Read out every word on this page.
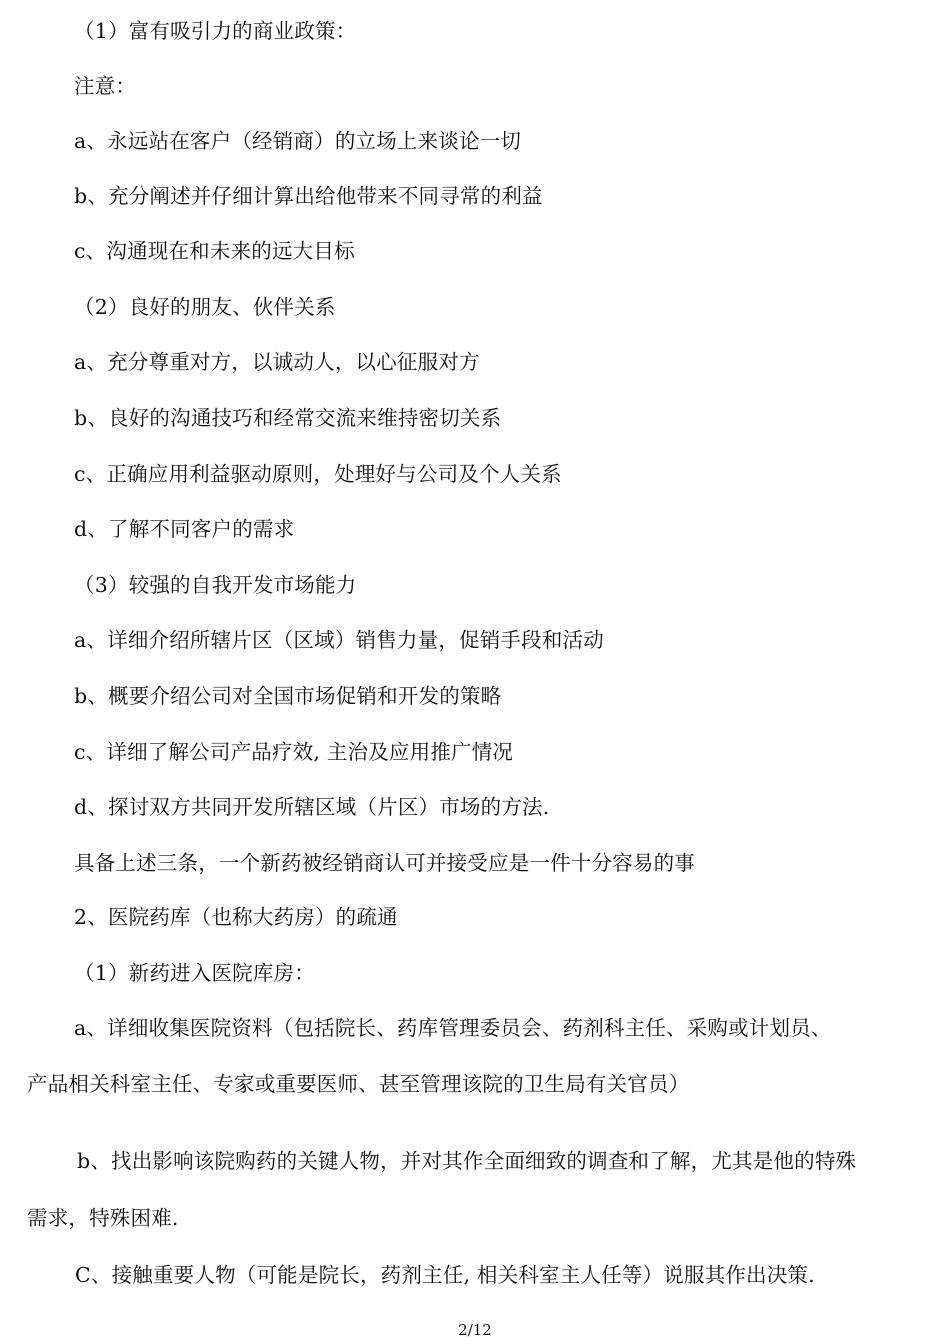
（1）富有吸引力的商业政策：
注意：
a、永远站在客户（经销商）的立场上来谈论一切
b、充分阐述并仔细计算出给他带来不同寻常的利益
c、沟通现在和未来的远大目标
（2）良好的朋友、伙伴关系
a、充分尊重对方，以诚动人，以心征服对方
b、良好的沟通技巧和经常交流来维持密切关系
c、正确应用利益驱动原则，处理好与公司及个人关系
d、了解不同客户的需求
（3）较强的自我开发市场能力
a、详细介绍所辖片区（区域）销售力量，促销手段和活动
b、概要介绍公司对全国市场促销和开发的策略
c、详细了解公司产品疗效, 主治及应用推广情况
d、探讨双方共同开发所辖区域（片区）市场的方法.
具备上述三条，一个新药被经销商认可并接受应是一件十分容易的事
2、医院药库（也称大药房）的疏通
（1）新药进入医院库房：
a、详细收集医院资料（包括院长、药库管理委员会、药剂科主任、采购或计划员、
产品相关科室主任、专家或重要医师、甚至管理该院的卫生局有关官员）
b、找出影响该院购药的关键人物，并对其作全面细致的调查和了解，尤其是他的特殊
需求，特殊困难.
C、接触重要人物（可能是院长，药剂主任, 相关科室主人任等）说服其作出决策.
2/12
